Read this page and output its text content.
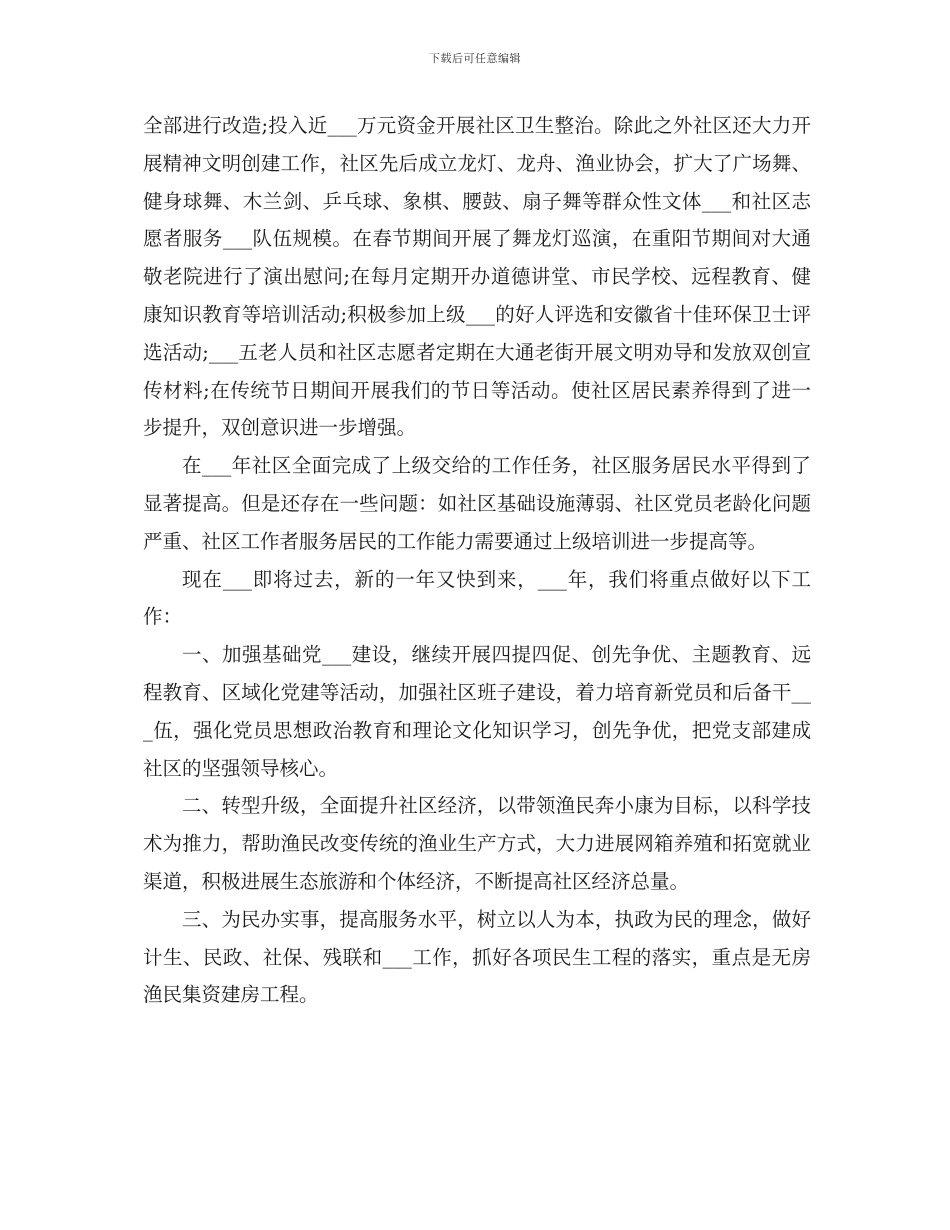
下载后可任意编辑

全部进行改造;投入近___万元资金开展社区卫生整治。除此之外社区还大力开展精神文明创建工作，社区先后成立龙灯、龙舟、渔业协会，扩大了广场舞、健身球舞、木兰剑、乒乓球、象棋、腰鼓、扇子舞等群众性文体___和社区志愿者服务___队伍规模。在春节期间开展了舞龙灯巡演，在重阳节期间对大通敬老院进行了演出慰问;在每月定期开办道德讲堂、市民学校、远程教育、健康知识教育等培训活动;积极参加上级___的好人评选和安徽省十佳环保卫士评选活动;___五老人员和社区志愿者定期在大通老街开展文明劝导和发放双创宣传材料;在传统节日期间开展我们的节日等活动。使社区居民素养得到了进一步提升，双创意识进一步增强。

在___年社区全面完成了上级交给的工作任务，社区服务居民水平得到了显著提高。但是还存在一些问题：如社区基础设施薄弱、社区党员老龄化问题严重、社区工作者服务居民的工作能力需要通过上级培训进一步提高等。

现在___即将过去，新的一年又快到来，___年，我们将重点做好以下工作：

一、加强基础党___建设，继续开展四提四促、创先争优、主题教育、远程教育、区域化党建等活动，加强社区班子建设，着力培育新党员和后备干___伍，强化党员思想政治教育和理论文化知识学习，创先争优，把党支部建成社区的坚强领导核心。

二、转型升级，全面提升社区经济，以带领渔民奔小康为目标，以科学技术为推力，帮助渔民改变传统的渔业生产方式，大力进展网箱养殖和拓宽就业渠道，积极进展生态旅游和个体经济，不断提高社区经济总量。

三、为民办实事，提高服务水平，树立以人为本，执政为民的理念，做好计生、民政、社保、残联和___工作，抓好各项民生工程的落实，重点是无房渔民集资建房工程。
